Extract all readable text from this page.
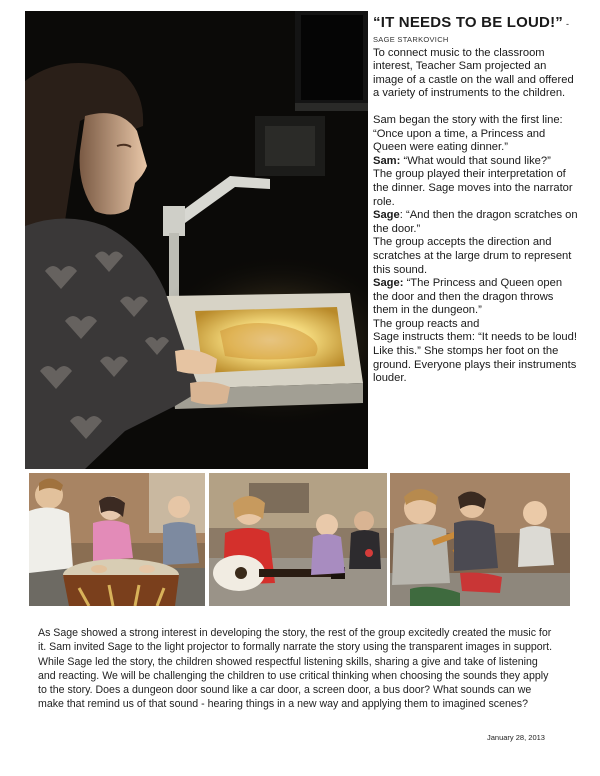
“IT NEEDS TO BE LOUD!” -

SAGE STARKOVICH

To connect music to the classroom interest, Teacher Sam projected an image of a castle on the wall and offered a variety of instruments to the children.

Sam began the story with the first line: “Once upon a time, a Princess and Queen were eating dinner.”

Sam: “What would that sound like?”

The group played their interpretation of the dinner. Sage moves into the narrator role.

Sage: “And then the dragon scratches on the door.”

The group accepts the direction and scratches at the large drum to represent this sound.

Sage: “The Princess and Queen open the door and then the dragon throws them in the dungeon.”

The group reacts and

Sage instructs them: “It needs to be loud! Like this.” She stomps her foot on the ground. Everyone plays their instruments louder.

As Sage showed a strong interest in developing the story, the rest of the group excitedly created the music for it. Sam invited Sage to the light projector to formally narrate the story using the transparent images in support. While Sage led the story, the children showed respectful listening skills, sharing a give and take of listening and reacting. We will be challenging the children to use critical thinking when choosing the sounds they apply to the story. Does a dungeon door sound like a car door, a screen door, a bus door? What sounds can we make that remind us of that sound - hearing things in a new way and applying them to imagined scenes?

January 28, 2013
